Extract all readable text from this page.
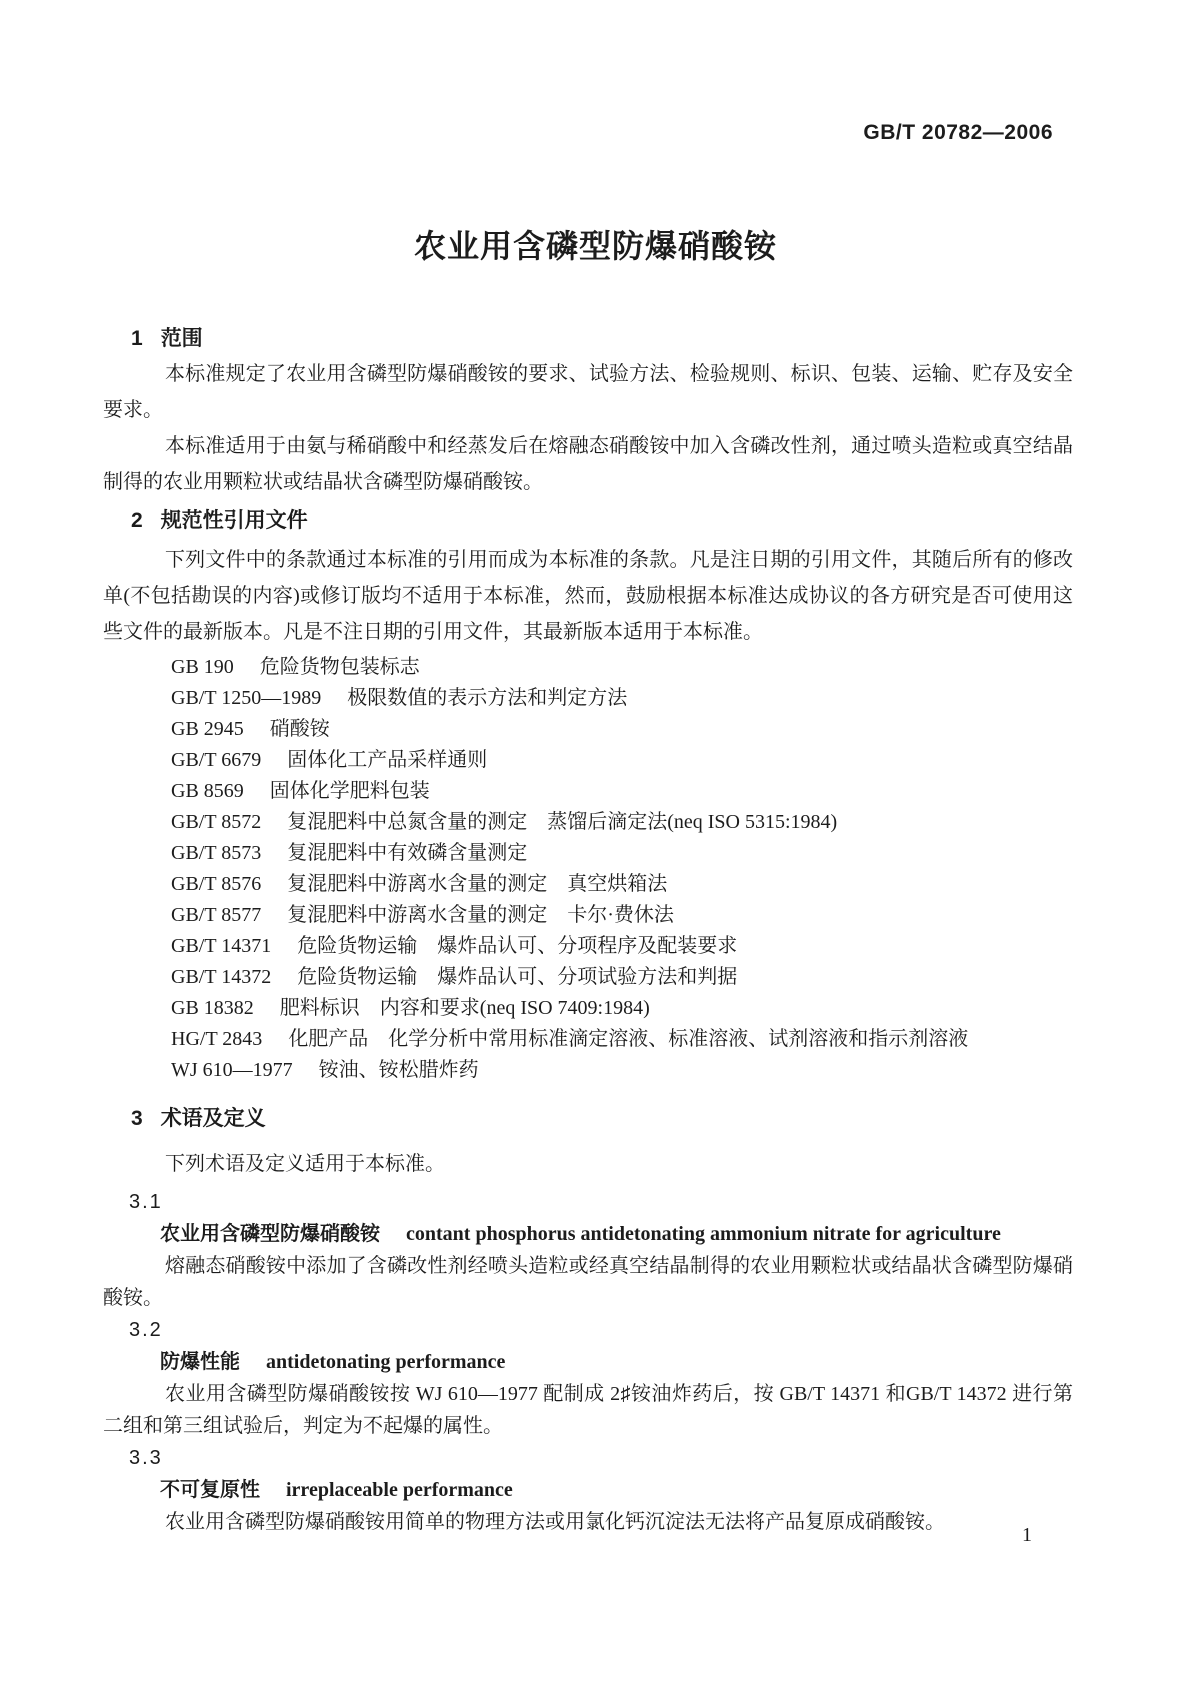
GB/T 20782—2006
农业用含磷型防爆硝酸铵
1 范围

本标准规定了农业用含磷型防爆硝酸铵的要求、试验方法、检验规则、标识、包装、运输、贮存及安全要求。

本标准适用于由氨与稀硝酸中和经蒸发后在熔融态硝酸铵中加入含磷改性剂，通过喷头造粒或真空结晶制得的农业用颗粒状或结晶状含磷型防爆硝酸铵。

2 规范性引用文件

下列文件中的条款通过本标准的引用而成为本标准的条款。凡是注日期的引用文件，其随后所有的修改单(不包括勘误的内容)或修订版均不适用于本标准，然而，鼓励根据本标准达成协议的各方研究是否可使用这些文件的最新版本。凡是不注日期的引用文件，其最新版本适用于本标准。

GB 190 危险货物包装标志
GB/T 1250—1989 极限数值的表示方法和判定方法
GB 2945 硝酸铵
GB/T 6679 固体化工产品采样通则
GB 8569 固体化学肥料包装
GB/T 8572 复混肥料中总氮含量的测定　蒸馏后滴定法(neq ISO 5315:1984)
GB/T 8573 复混肥料中有效磷含量测定
GB/T 8576 复混肥料中游离水含量的测定　真空烘箱法
GB/T 8577 复混肥料中游离水含量的测定　卡尔·费休法
GB/T 14371 危险货物运输　爆炸品认可、分项程序及配装要求
GB/T 14372 危险货物运输　爆炸品认可、分项试验方法和判据
GB 18382 肥料标识　内容和要求(neq ISO 7409:1984)
HG/T 2843 化肥产品　化学分析中常用标准滴定溶液、标准溶液、试剂溶液和指示剂溶液
WJ 610—1977 铵油、铵松腊炸药
3 术语及定义

下列术语及定义适用于本标准。

3.1
农业用含磷型防爆硝酸铵 contant phosphorus antidetonating ammonium nitrate for agriculture

熔融态硝酸铵中添加了含磷改性剂经喷头造粒或经真空结晶制得的农业用颗粒状或结晶状含磷型防爆硝酸铵。

3.2
防爆性能 antidetonating performance

农业用含磷型防爆硝酸铵按 WJ 610—1977 配制成 2♯铵油炸药后，按 GB/T 14371 和GB/T 14372 进行第二组和第三组试验后，判定为不起爆的属性。

3.3
不可复原性 irreplaceable performance

农业用含磷型防爆硝酸铵用简单的物理方法或用氯化钙沉淀法无法将产品复原成硝酸铵。

1
